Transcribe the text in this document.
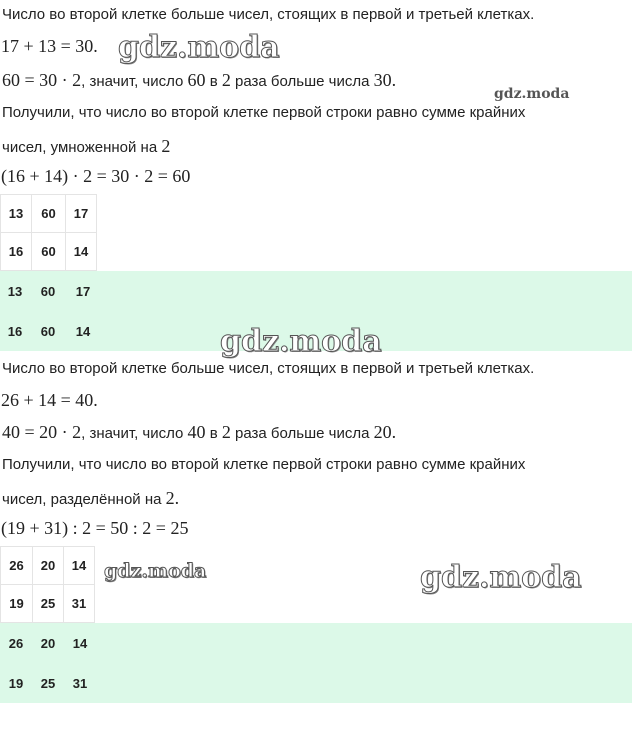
Число во второй клетке больше чисел, стоящих в первой и третьей клетках.
17 + 13 = 30. gdz.moda
60 = 30 · 2, значит, число 60 в 2 раза больше числа 30.
gdz.moda
Получили, что число во второй клетке первой строки равно сумме крайних
чисел, умноженной на 2
(16 + 14) · 2 = 30 · 2 = 60
13	60	17
16	60	14
13	60	17
16	60	14	gdz.moda
Число во второй клетке больше чисел, стоящих в первой и третьей клетках.
26 + 14 = 40.
40 = 20 · 2, значит, число 40 в 2 раза больше числа 20.
Получили, что число во второй клетке первой строки равно сумме крайних
чисел, разделённой на 2.
(19 + 31) : 2 = 50 : 2 = 25
26	20	14
19	25	31
gdz.moda	gdz.moda
26	20	14
19	25	31
